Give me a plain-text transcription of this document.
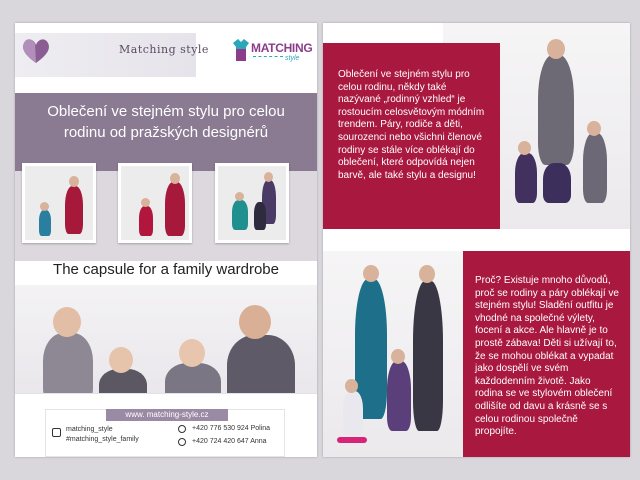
Matching style	MATCHING
style
Oblečení ve stejném stylu pro celou rodinu od pražských designérů
The capsule for a family wardrobe
www. matching-style.cz
matching_style
#matching_style_family
+420 776 530 924 Polina
+420 724 420 647 Anna

Oblečení ve stejném stylu pro celou rodinu, někdy také nazývané „rodinný vzhled“ je rostoucím celosvětovým módním trendem. Páry, rodiče a děti, sourozenci nebo všichni členové rodiny se stále více oblékají do oblečení, které odpovídá nejen barvě, ale také stylu a designu!

Proč? Existuje mnoho důvodů, proč se rodiny a páry oblékají ve stejném stylu! Sladění outfitu je vhodné na společné výlety, focení a akce. Ale hlavně je to prostě zábava! Děti si užívají to, že se mohou oblékat a vypadat jako dospělí ve svém každodenním životě. Jako rodina se ve stylovém oblečení odlišíte od davu a krásně se s celou rodinou společně propojíte.
